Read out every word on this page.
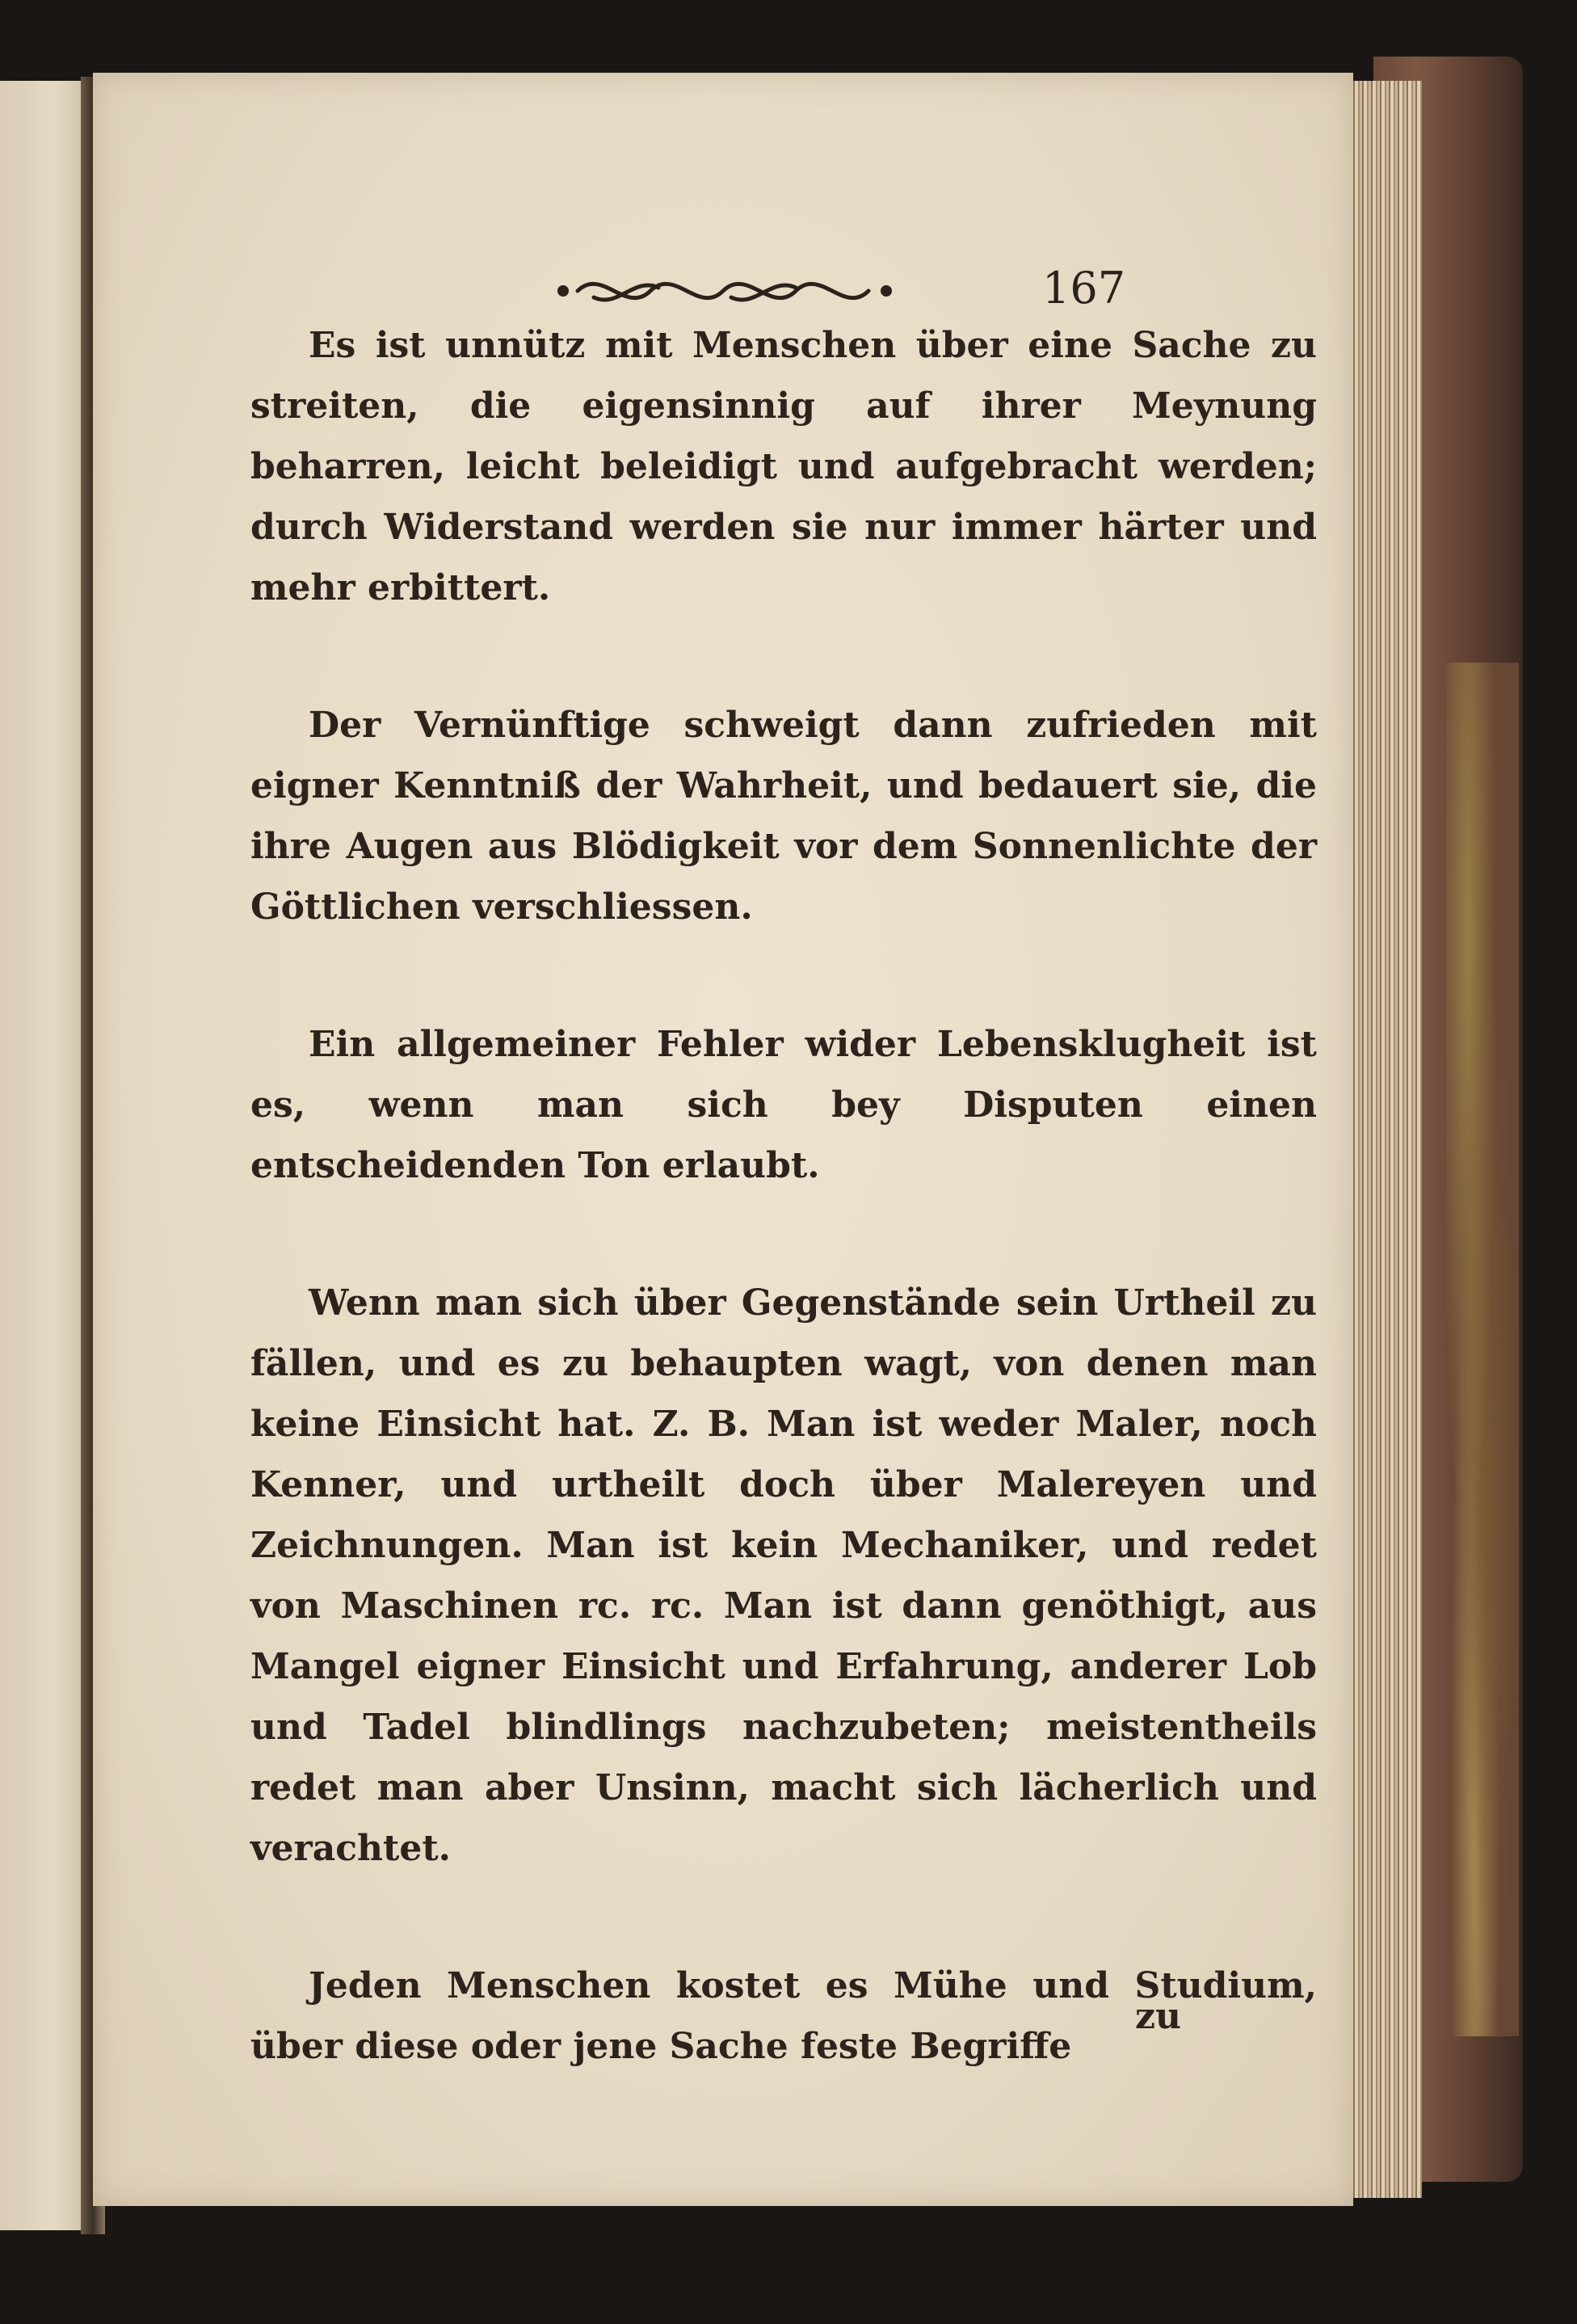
167

Es ist unnütz mit Menschen über eine Sache zu streiten, die eigensinnig auf ihrer Meynung beharren, leicht beleidigt und aufgebracht werden; durch Widerstand werden sie nur immer härter und mehr erbittert.

Der Vernünftige schweigt dann zufrieden mit eigner Kenntniß der Wahrheit, und bedauert sie, die ihre Augen aus Blödigkeit vor dem Sonnenlichte der Göttlichen verschliessen.

Ein allgemeiner Fehler wider Lebensklugheit ist es, wenn man sich bey Disputen einen entscheidenden Ton erlaubt.

Wenn man sich über Gegenstände sein Urtheil zu fällen, und es zu behaupten wagt, von denen man keine Einsicht hat. Z. B. Man ist weder Maler, noch Kenner, und urtheilt doch über Malereyen und Zeichnungen. Man ist kein Mechaniker, und redet von Maschinen rc. rc. Man ist dann genöthigt, aus Mangel eigner Einsicht und Erfahrung, anderer Lob und Tadel blindlings nachzubeten; meistentheils redet man aber Unsinn, macht sich lächerlich und verachtet.

Jeden Menschen kostet es Mühe und Studium, über diese oder jene Sache feste Begriffe

zu
